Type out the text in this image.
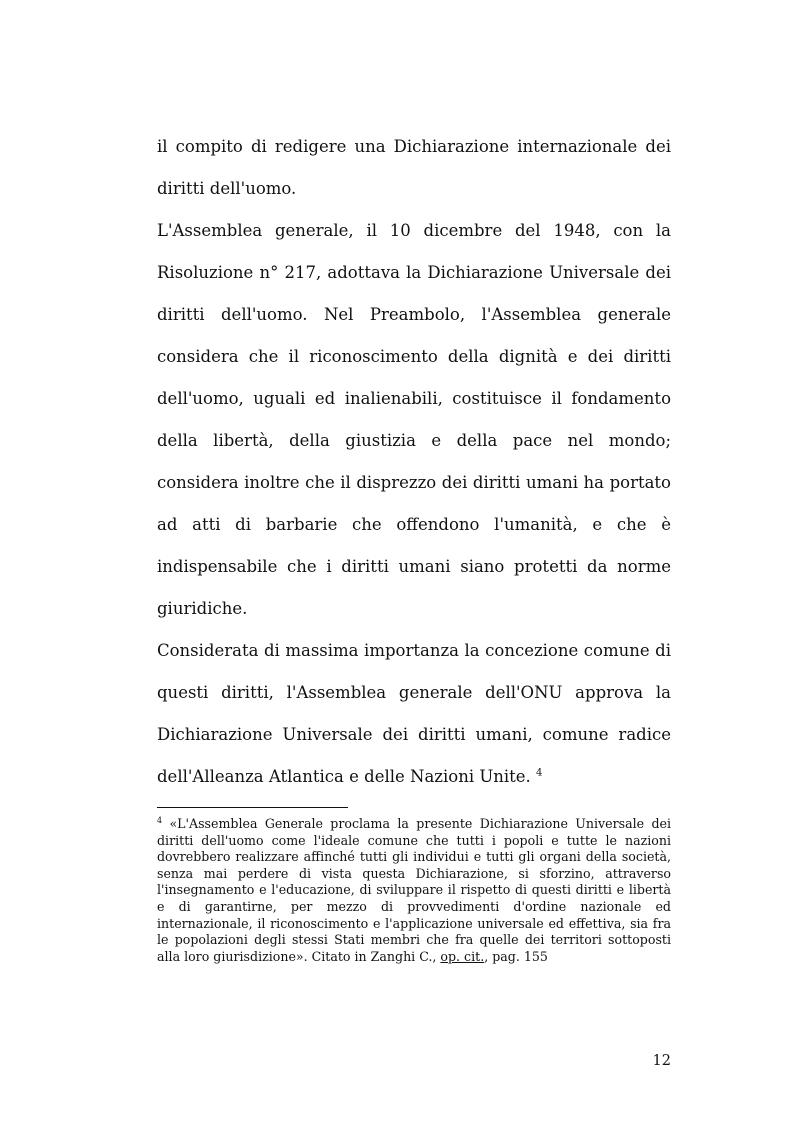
il compito di redigere una Dichiarazione internazionale dei diritti dell'uomo.

L'Assemblea generale, il 10 dicembre del 1948, con la Risoluzione n° 217, adottava la Dichiarazione Universale dei diritti dell'uomo. Nel Preambolo, l'Assemblea generale considera che il riconoscimento della dignità e dei diritti dell'uomo, uguali ed inalienabili, costituisce il fondamento della libertà, della giustizia e della pace nel mondo; considera inoltre che il disprezzo dei diritti umani ha portato ad atti di barbarie che offendono l'umanità, e che è indispensabile che i diritti umani siano protetti da norme giuridiche.

Considerata di massima importanza la concezione comune di questi diritti, l'Assemblea generale dell'ONU approva la Dichiarazione Universale dei diritti umani, comune radice dell'Alleanza Atlantica e delle Nazioni Unite. $^4$

$^4$ «L'Assemblea Generale proclama la presente Dichiarazione Universale dei diritti dell'uomo come l'ideale comune che tutti i popoli e tutte le nazioni dovrebbero realizzare affinché tutti gli individui e tutti gli organi della società, senza mai perdere di vista questa Dichiarazione, si sforzino, attraverso l'insegnamento e l'educazione, di sviluppare il rispetto di questi diritti e libertà e di garantirne, per mezzo di provvedimenti d'ordine nazionale ed internazionale, il riconoscimento e l'applicazione universale ed effettiva, sia fra le popolazioni degli stessi Stati membri che fra quelle dei territori sottoposti alla loro giurisdizione». Citato in Zanghi C., op. cit., pag. 155
12
